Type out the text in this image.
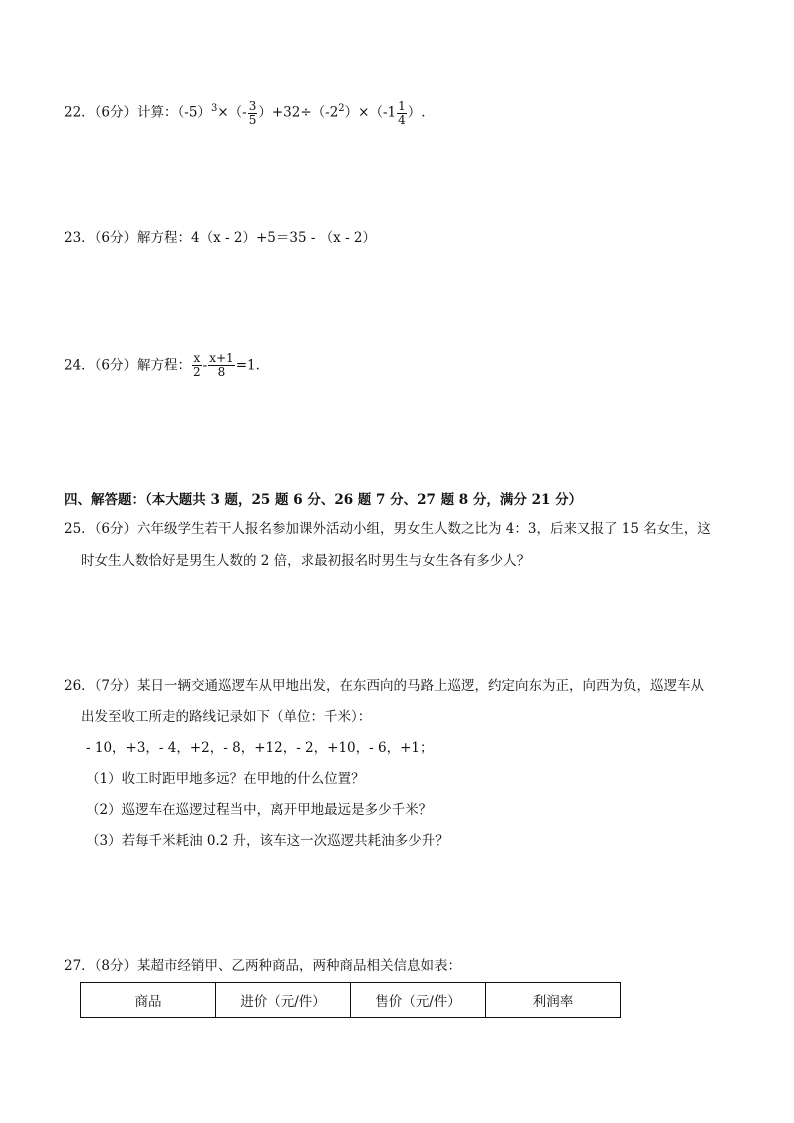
22．（6分）计算：$(-5)^3\times(- \frac{3}{5} )+32\div(-2^2)\times(-1 \frac{1}{4}$ ）.
23．（6分）解方程：4（x - 2）+5＝35 - （x - 2）
24．（6分）解方程： $\frac{x}{2} - \frac{x+1}{8} =1$.
四、解答题：（本大题共 3 题，25 题 6 分、26 题 7 分、27 题 8 分，满分 21 分）
25．（6分）六年级学生若干人报名参加课外活动小组，男女生人数之比为 4：3，后来又报了 15 名女生，这
时女生人数恰好是男生人数的 2 倍，求最初报名时男生与女生各有多少人？
26．（7分）某日一辆交通巡逻车从甲地出发，在东西向的马路上巡逻，约定向东为正，向西为负，巡逻车从
出发至收工所走的路线记录如下（单位：千米）：
- 10，+3，- 4，+2，- 8，+12，- 2，+10，- 6，+1；
（1）收工时距甲地多远？在甲地的什么位置？
（2）巡逻车在巡逻过程当中，离开甲地最远是多少千米？
（3）若每千米耗油 0.2 升，该车这一次巡逻共耗油多少升？
27．（8分）某超市经销甲、乙两种商品，两种商品相关信息如表：
商品	进价（元/件）	售价（元/件）	利润率
